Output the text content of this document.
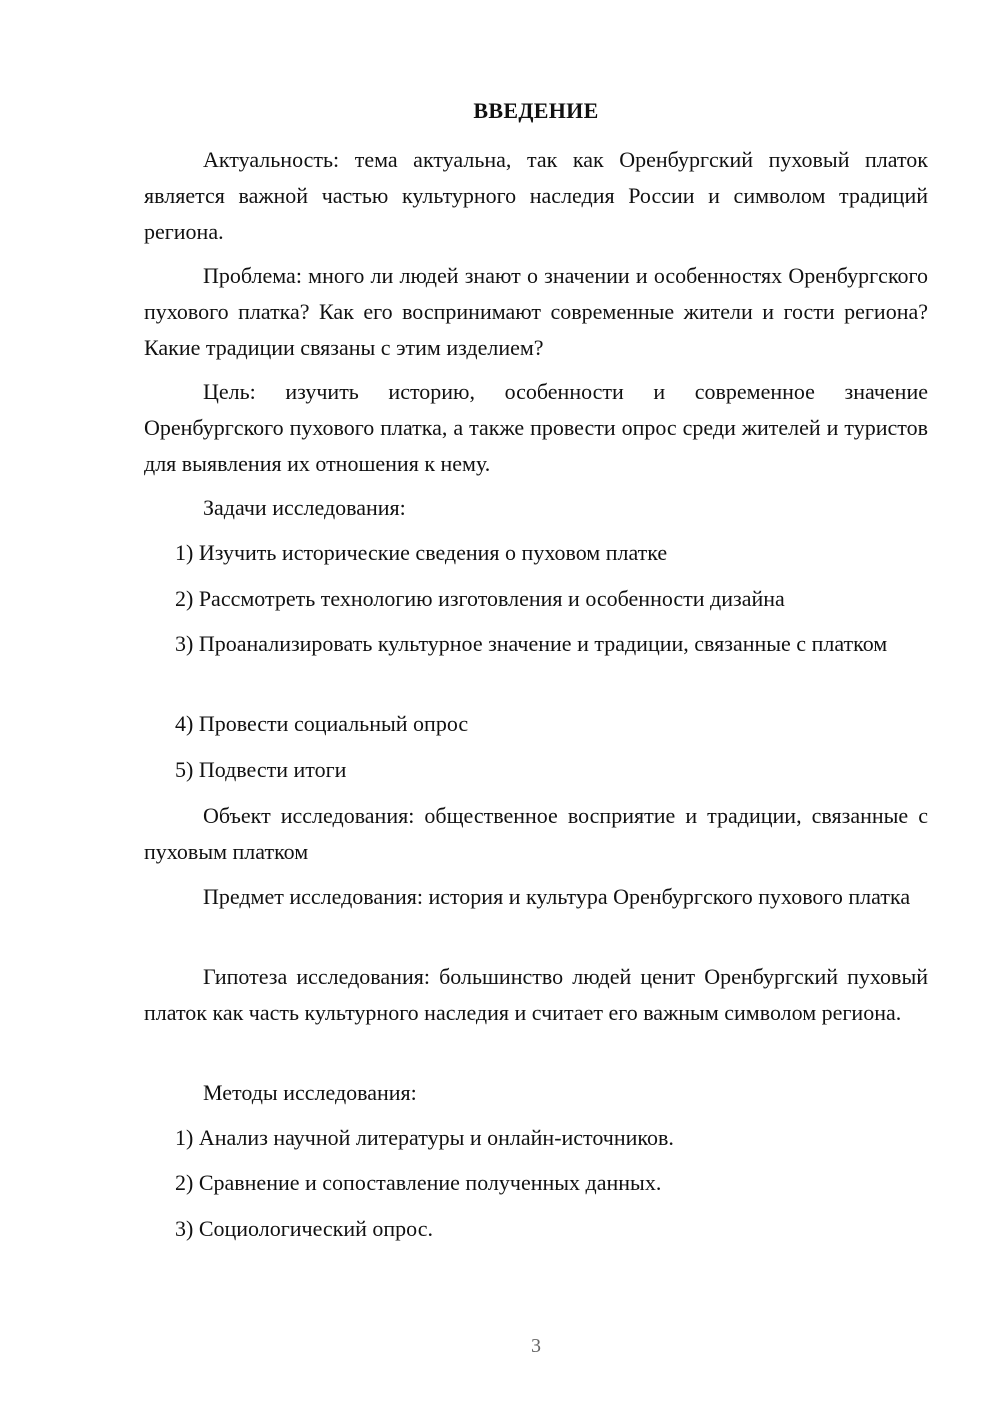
ВВЕДЕНИЕ

Актуальность: тема актуальна, так как Оренбургский пуховый платок является важной частью культурного наследия России и символом традиций региона.

Проблема: много ли людей знают о значении и особенностях Оренбургского пухового платка? Как его воспринимают современные жители и гости региона? Какие традиции связаны с этим изделием?

Цель: изучить историю, особенности и современное значение Оренбургского пухового платка, а также провести опрос среди жителей и туристов для выявления их отношения к нему.

Задачи исследования:

1) Изучить исторические сведения о пуховом платке

2) Рассмотреть технологию изготовления и особенности дизайна

3) Проанализировать культурное значение и традиции, связанные с платком

4) Провести социальный опрос

5) Подвести итоги

Объект исследования: общественное восприятие и традиции, связанные с пуховым платком

Предмет исследования: история и культура Оренбургского пухового платка

Гипотеза исследования: большинство людей ценит Оренбургский пуховый платок как часть культурного наследия и считает его важным символом региона.

Методы исследования:

1) Анализ научной литературы и онлайн-источников.

2) Сравнение и сопоставление полученных данных.

3) Социологический опрос.

3
